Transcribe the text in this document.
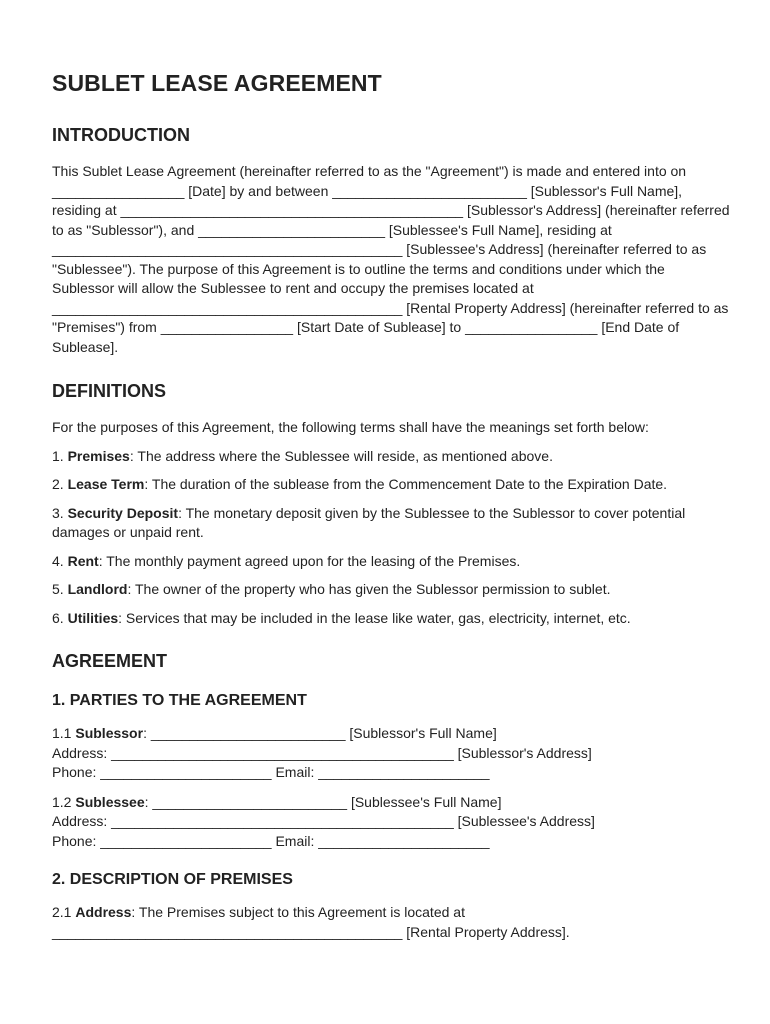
SUBLET LEASE AGREEMENT
INTRODUCTION

This Sublet Lease Agreement (hereinafter referred to as the "Agreement") is made and entered into on _________________ [Date] by and between _________________________ [Sublessor's Full Name], residing at ____________________________________________ [Sublessor's Address] (hereinafter referred to as "Sublessor"), and ________________________ [Sublessee's Full Name], residing at _____________________________________________ [Sublessee's Address] (hereinafter referred to as "Sublessee"). The purpose of this Agreement is to outline the terms and conditions under which the Sublessor will allow the Sublessee to rent and occupy the premises located at _____________________________________________ [Rental Property Address] (hereinafter referred to as "Premises") from _________________ [Start Date of Sublease] to _________________ [End Date of Sublease].

DEFINITIONS

For the purposes of this Agreement, the following terms shall have the meanings set forth below:

1. Premises: The address where the Sublessee will reside, as mentioned above.

2. Lease Term: The duration of the sublease from the Commencement Date to the Expiration Date.

3. Security Deposit: The monetary deposit given by the Sublessee to the Sublessor to cover potential damages or unpaid rent.

4. Rent: The monthly payment agreed upon for the leasing of the Premises.

5. Landlord: The owner of the property who has given the Sublessor permission to sublet.

6. Utilities: Services that may be included in the lease like water, gas, electricity, internet, etc.

AGREEMENT
1. PARTIES TO THE AGREEMENT
1.1 Sublessor: _________________________ [Sublessor's Full Name]
Address: ____________________________________________ [Sublessor's Address]
Phone: ______________________ Email: ______________________
1.2 Sublessee: _________________________ [Sublessee's Full Name]
Address: ____________________________________________ [Sublessee's Address]
Phone: ______________________ Email: ______________________
2. DESCRIPTION OF PREMISES

2.1 Address: The Premises subject to this Agreement is located at _____________________________________________ [Rental Property Address].
